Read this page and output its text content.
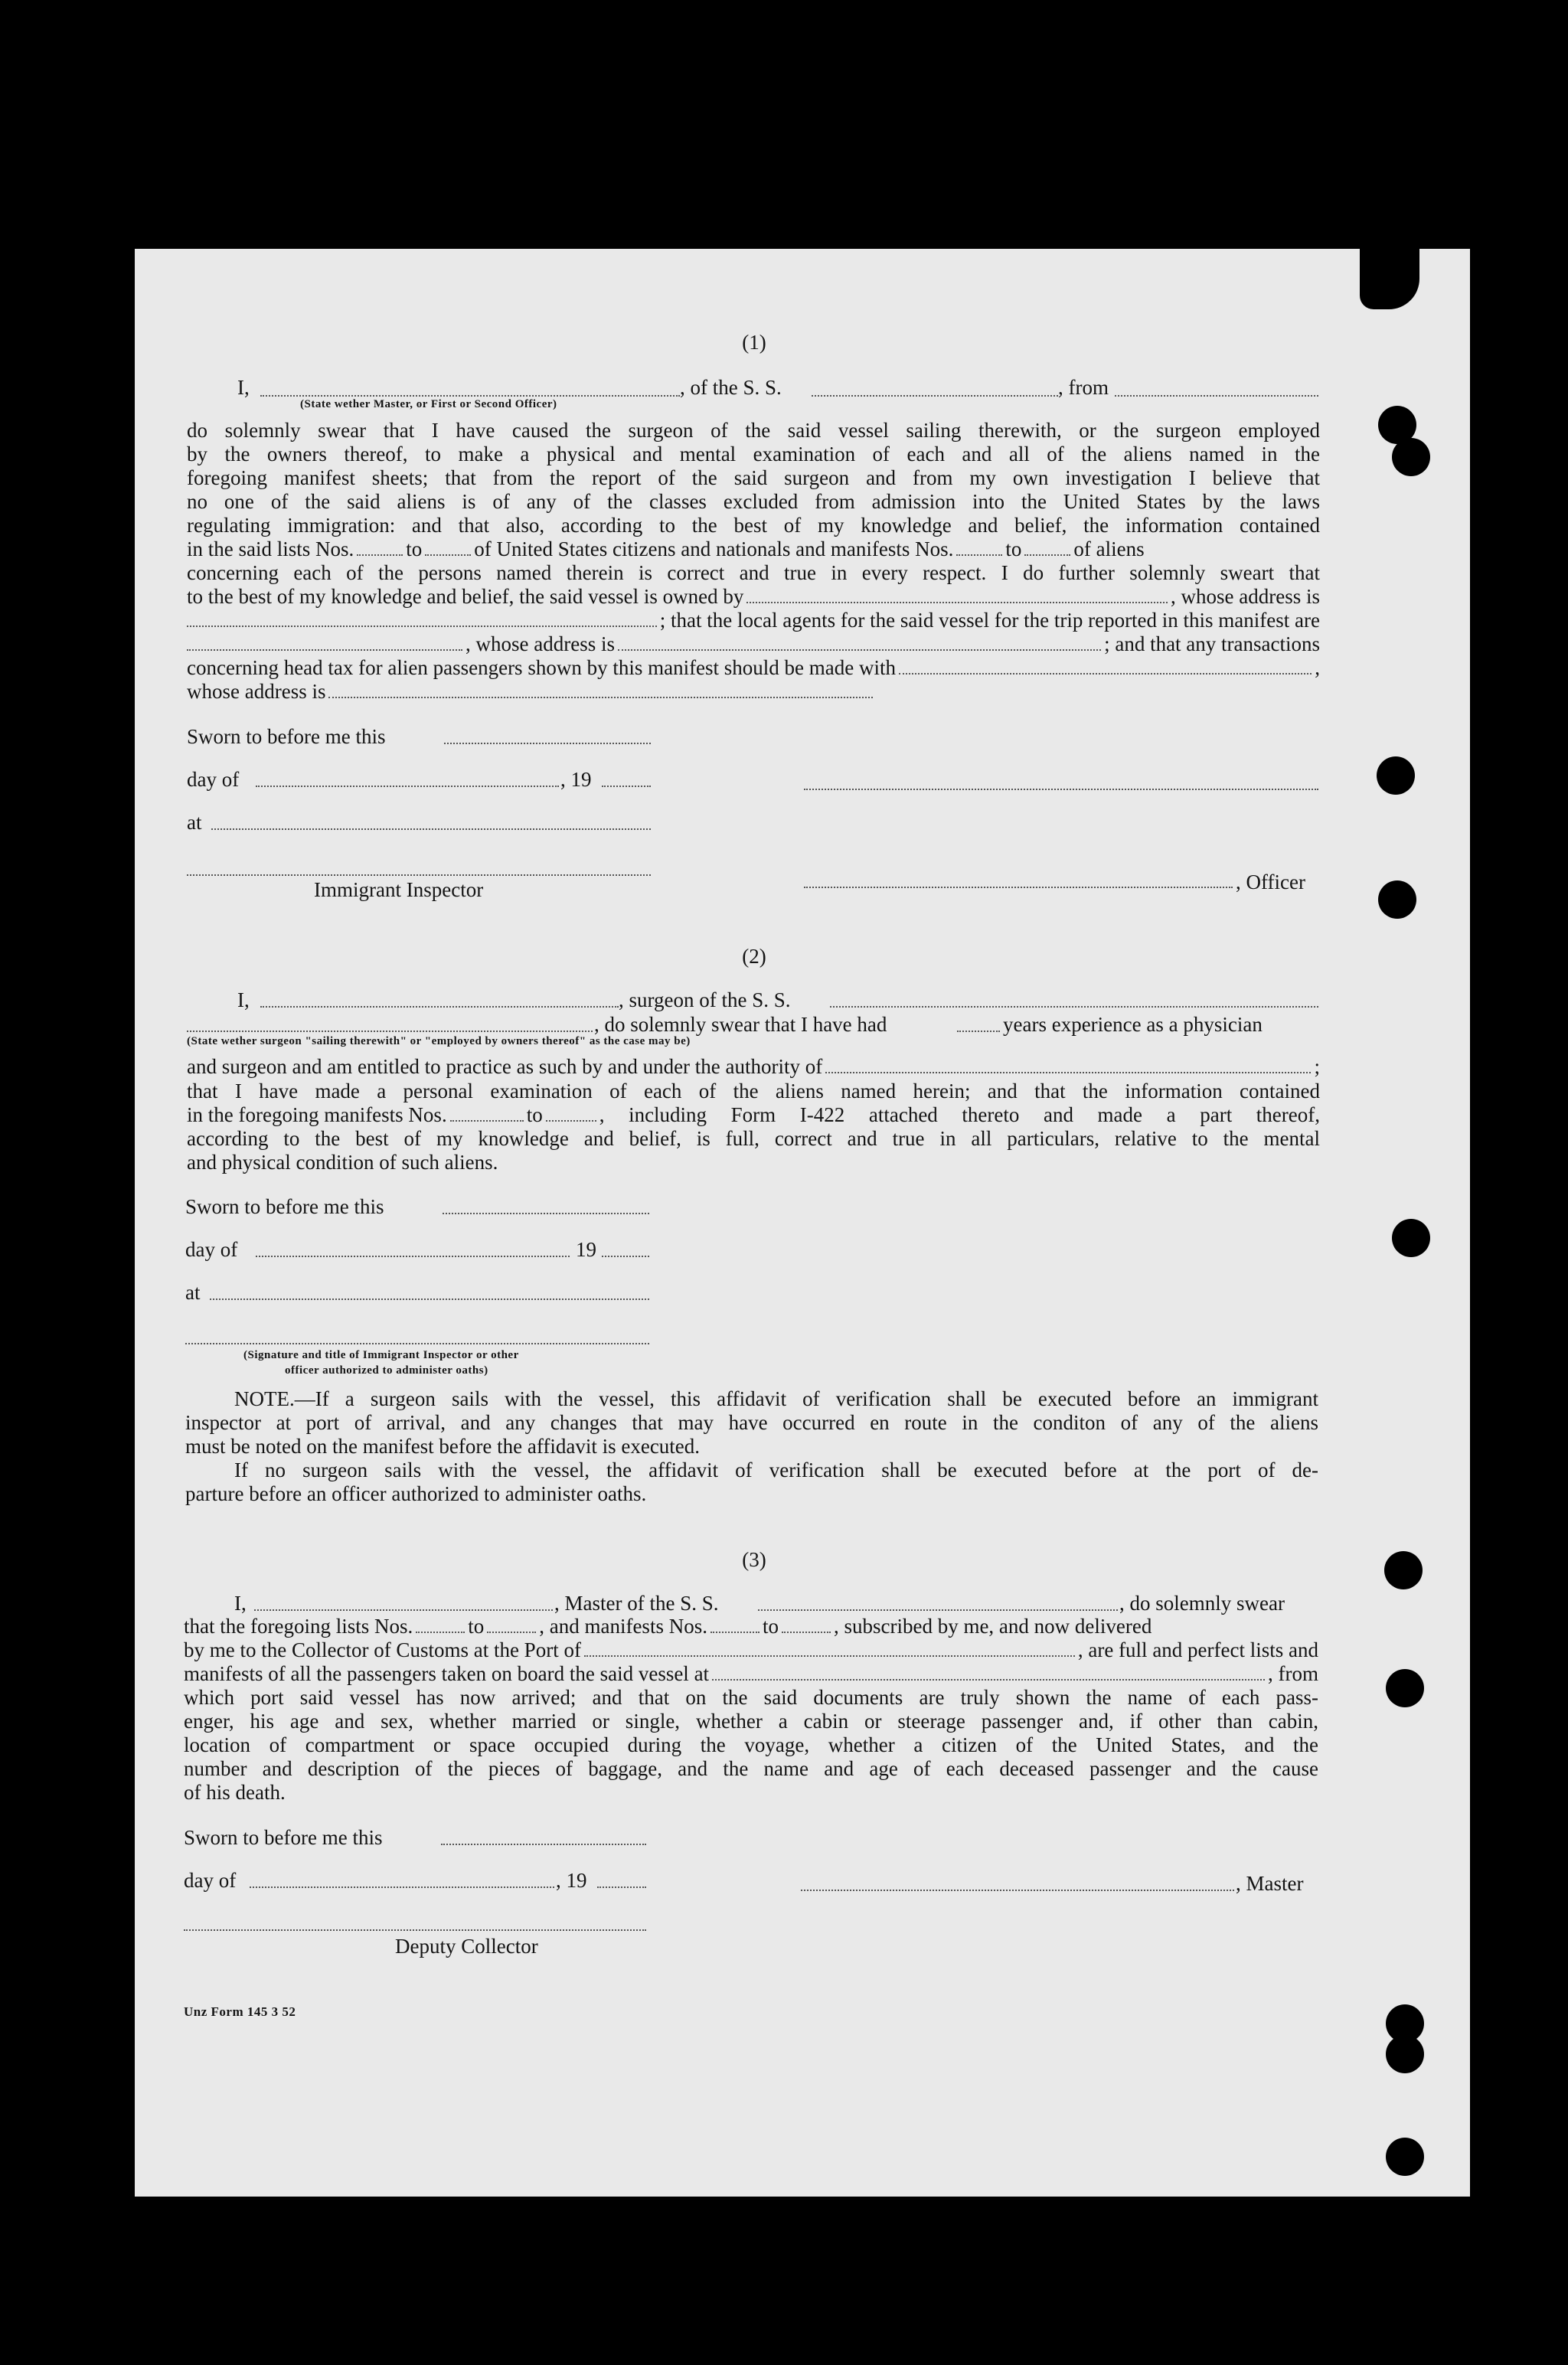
(1)
I,	, of the S. S.	, from
(State wether Master, or First or Second Officer)
do solemnly swear that I have caused the surgeon of the said vessel sailing therewith, or the surgeon employed
by the owners thereof, to make a physical and mental examination of each and all of the aliens named in the
foregoing manifest sheets; that from the report of the said surgeon and from my own investigation I believe that
no one of the said aliens is of any of the classes excluded from admission into the United States by the laws
regulating immigration: and that also, according to the best of my knowledge and belief, the information contained
in the said lists Nos.	to	of United States citizens and nationals and manifests Nos.	to	of aliens
concerning each of the persons named therein is correct and true in every respect. I do further solemnly sweart that
to the best of my knowledge and belief, the said vessel is owned by	, whose address is
; that the local agents for the said vessel for the trip reported in this manifest are
, whose address is	; and that any transactions
concerning head tax for alien passengers shown by this manifest should be made with	,
whose address is
Sworn to before me this
day of	, 19
at
, Officer
Immigrant Inspector
(2)
I,	, surgeon of the S. S.
, do solemnly swear that I have had	years experience as a physician
(State wether surgeon "sailing therewith" or "employed by owners thereof" as the case may be)
and surgeon and am entitled to practice as such by and under the authority of	;
that I have made a personal examination of each of the aliens named herein; and that the information contained
in the foregoing manifests Nos.	to	, including Form I-422 attached thereto and made a part thereof,
according to the best of my knowledge and belief, is full, correct and true in all particulars, relative to the mental
and physical condition of such aliens.
Sworn to before me this
day of	19
at
(Signature and title of Immigrant Inspector or other
officer authorized to administer oaths)
NOTE.—If a surgeon sails with the vessel, this affidavit of verification shall be executed before an immigrant
inspector at port of arrival, and any changes that may have occurred en route in the conditon of any of the aliens
must be noted on the manifest before the affidavit is executed.
If no surgeon sails with the vessel, the affidavit of verification shall be executed before at the port of de-
parture before an officer authorized to administer oaths.
(3)
I,	, Master of the S. S.	, do solemnly swear
that the foregoing lists Nos.	to	, and manifests Nos.	to	, subscribed by me, and now delivered
by me to the Collector of Customs at the Port of	, are full and perfect lists and
manifests of all the passengers taken on board the said vessel at	, from
which port said vessel has now arrived; and that on the said documents are truly shown the name of each pass-
enger, his age and sex, whether married or single, whether a cabin or steerage passenger and, if other than cabin,
location of compartment or space occupied during the voyage, whether a citizen of the United States, and the
number and description of the pieces of baggage, and the name and age of each deceased passenger and the cause
of his death.
Sworn to before me this
day of	, 19	, Master
Deputy Collector
Unz Form 145 3 52
